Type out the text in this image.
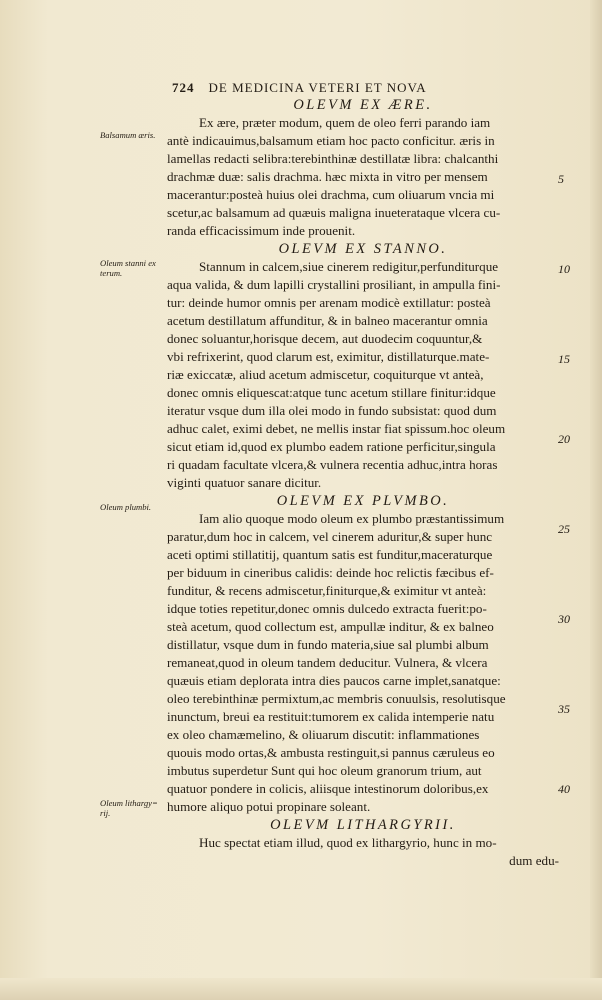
724 DE MEDICINA VETERI ET NOVA
OLEVM EX ÆRE.
Ex ære, præter modum, quem de oleo ferri parando iam
antè indicauimus,balsamum etiam hoc pacto conficitur. æris in
lamellas redacti selibra:terebinthinæ destillatæ libra: chalcanthi
drachmæ duæ: salis drachma. hæc mixta in vitro per mensem
macerantur:posteà huius olei drachma, cum oliuarum vncia mi
scetur,ac balsamum ad quæuis maligna inueterataque vlcera cu-
randa efficacissimum inde prouenit.
OLEVM EX STANNO.
Stannum in calcem,siue cinerem redigitur,perfunditurque
aqua valida, & dum lapilli crystallini prosiliant, in ampulla fini-
tur: deinde humor omnis per arenam modicè extillatur: posteà
acetum destillatum affunditur, & in balneo macerantur omnia
donec soluantur,horisque decem, aut duodecim coquuntur,&
vbi refrixerint, quod clarum est, eximitur, distillaturque.mate-
riæ exiccatæ, aliud acetum admiscetur, coquiturque vt anteà,
donec omnis eliquescat:atque tunc acetum stillare finitur:idque
iteratur vsque dum illa olei modo in fundo subsistat: quod dum
adhuc calet, eximi debet, ne mellis instar fiat spissum.hoc oleum
sicut etiam id,quod ex plumbo eadem ratione perficitur,singula
ri quadam facultate vlcera,& vulnera recentia adhuc,intra horas
viginti quatuor sanare dicitur.
OLEVM EX PLVMBO.
Iam alio quoque modo oleum ex plumbo præstantissimum
paratur,dum hoc in calcem, vel cinerem aduritur,& super hunc
aceti optimi stillatitij, quantum satis est funditur,maceraturque
per biduum in cineribus calidis: deinde hoc relictis fæcibus ef-
funditur, & recens admiscetur,finiturque,& eximitur vt anteà:
idque toties repetitur,donec omnis dulcedo extracta fuerit:po-
steà acetum, quod collectum est, ampullæ inditur, & ex balneo
distillatur, vsque dum in fundo materia,siue sal plumbi album
remaneat,quod in oleum tandem deducitur. Vulnera, & vlcera
quæuis etiam deplorata intra dies paucos carne implet,sanatque:
oleo terebinthinæ permixtum,ac membris conuulsis, resolutisque
inunctum, breui ea restituit:tumorem ex calida intemperie natu
ex oleo chamæmelino, & oliuarum discutit: inflammationes
quouis modo ortas,& ambusta restinguit,si pannus cæruleus eo
imbutus superdetur Sunt qui hoc oleum granorum trium, aut
quatuor pondere in colicis, aliisque intestinorum doloribus,ex
humore aliquo potui propinare soleant.
OLEVM LITHARGYRII.
Huc spectat etiam illud, quod ex lithargyrio, hunc in mo-
dum edu-
Balsamum æris.
Oleum stanni ex terum.
Oleum plumbi.
Oleum lithargy= rij.
5
10
15
20
25
30
35
40
